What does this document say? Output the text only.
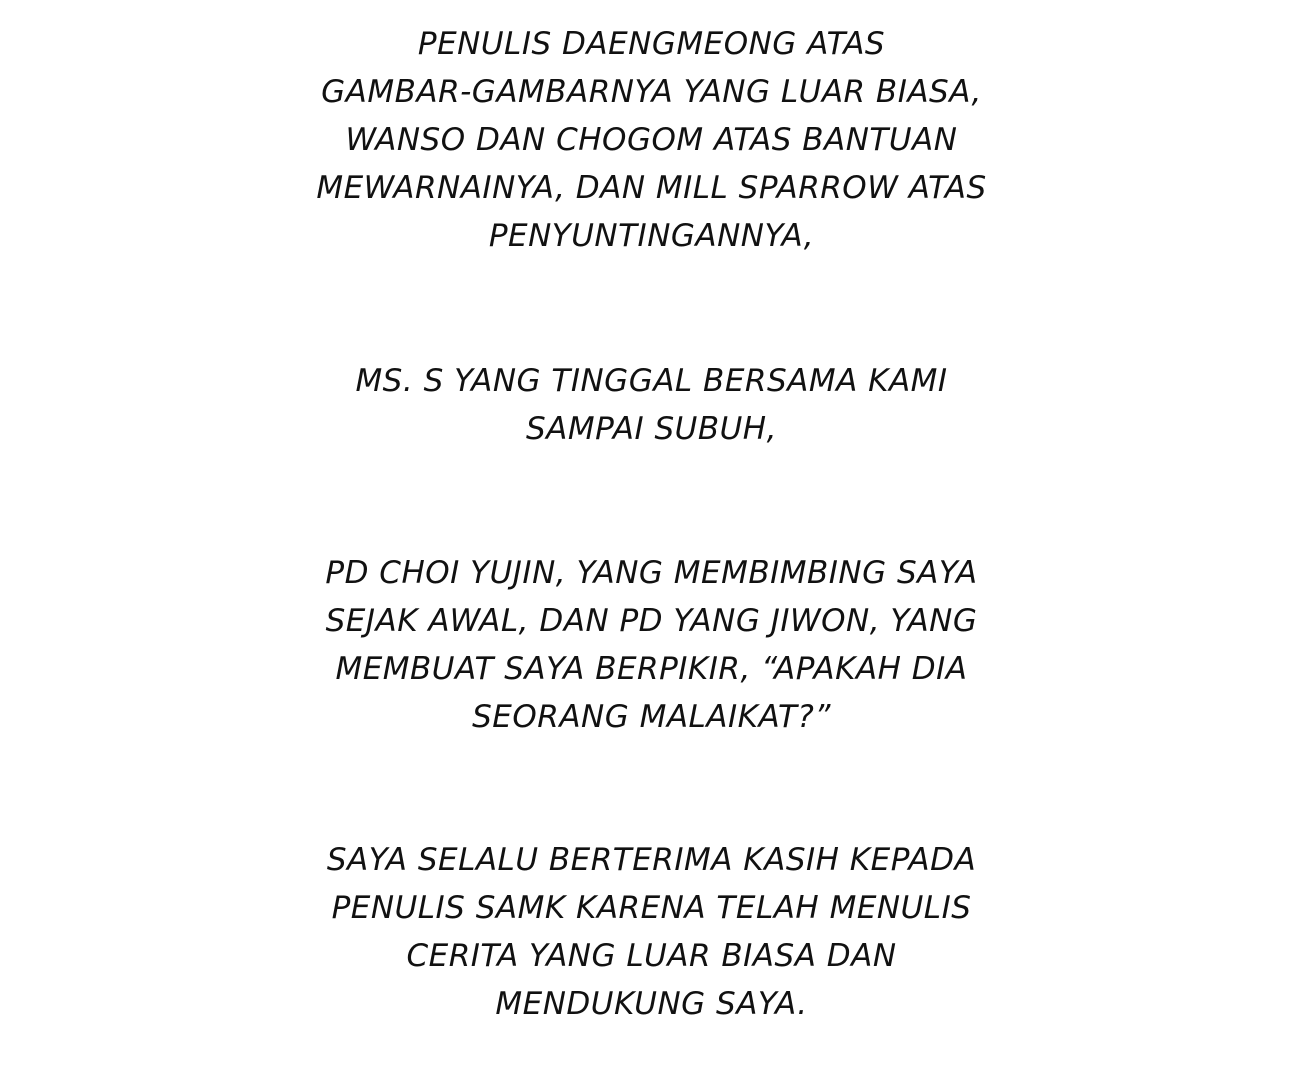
PENULIS DAENGMEONG ATAS
GAMBAR-GAMBARNYA YANG LUAR BIASA,
WANSO DAN CHOGOM ATAS BANTUAN
MEWARNAINYA, DAN MILL SPARROW ATAS
PENYUNTINGANNYA,
MS. S YANG TINGGAL BERSAMA KAMI
SAMPAI SUBUH,
PD CHOI YUJIN, YANG MEMBIMBING SAYA
SEJAK AWAL, DAN PD YANG JIWON, YANG
MEMBUAT SAYA BERPIKIR, “APAKAH DIA
SEORANG MALAIKAT?”
SAYA SELALU BERTERIMA KASIH KEPADA
PENULIS SAMK KARENA TELAH MENULIS
CERITA YANG LUAR BIASA DAN
MENDUKUNG SAYA.
